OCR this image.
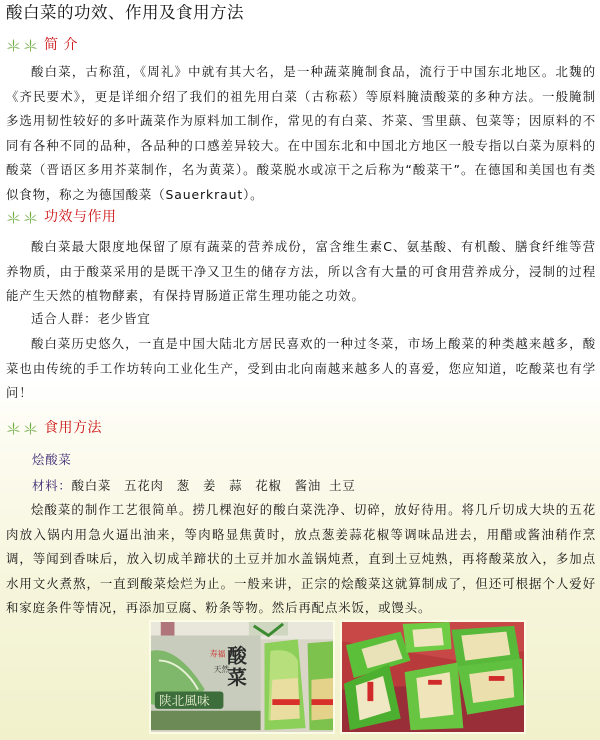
酸白菜的功效、作用及食用方法
简 介

酸白菜，古称菹，《周礼》中就有其大名，是一种蔬菜腌制食品，流行于中国东北地区。北魏的《齐民要术》，更是详细介绍了我们的祖先用白菜（古称菘）等原料腌渍酸菜的多种方法。一般腌制多选用韧性较好的多叶蔬菜作为原料加工制作，常见的有白菜、芥菜、雪里蕻、包菜等；因原料的不同有各种不同的品种，各品种的口感差异较大。在中国东北和中国北方地区一般专指以白菜为原料的酸菜（晋语区多用芥菜制作，名为黄菜）。酸菜脱水或凉干之后称为“酸菜干”。在德国和美国也有类似食物，称之为德国酸菜（Sauerkraut）。

功效与作用

酸白菜最大限度地保留了原有蔬菜的营养成份，富含维生素C、氨基酸、有机酸、膳食纤维等营养物质，由于酸菜采用的是既干净又卫生的储存方法，所以含有大量的可食用营养成分，浸制的过程能产生天然的植物酵素，有保持胃肠道正常生理功能之功效。

适合人群：老少皆宜

酸白菜历史悠久，一直是中国大陆北方居民喜欢的一种过冬菜，市场上酸菜的种类越来越多，酸菜也由传统的手工作坊转向工业化生产，受到由北向南越来越多人的喜爱，您应知道，吃酸菜也有学问！

食用方法
烩酸菜
材料：酸白菜 五花肉 葱 姜 蒜 花椒 酱油 土豆

烩酸菜的制作工艺很简单。捞几棵泡好的酸白菜洗净、切碎，放好待用。将几斤切成大块的五花肉放入锅内用急火逼出油来，等肉略显焦黄时，放点葱姜蒜花椒等调味品进去，用醋或酱油稍作烹调，等闻到香味后，放入切成羊蹄状的土豆并加水盖锅炖煮，直到土豆炖熟，再将酸菜放入，多加点水用文火煮熬，一直到酸菜烩烂为止。一般来讲，正宗的烩酸菜这就算制成了，但还可根据个人爱好和家庭条件等情况，再添加豆腐、粉条等物。然后再配点米饭，或馒头。

陕北風味
酸
菜
寿福
天然
